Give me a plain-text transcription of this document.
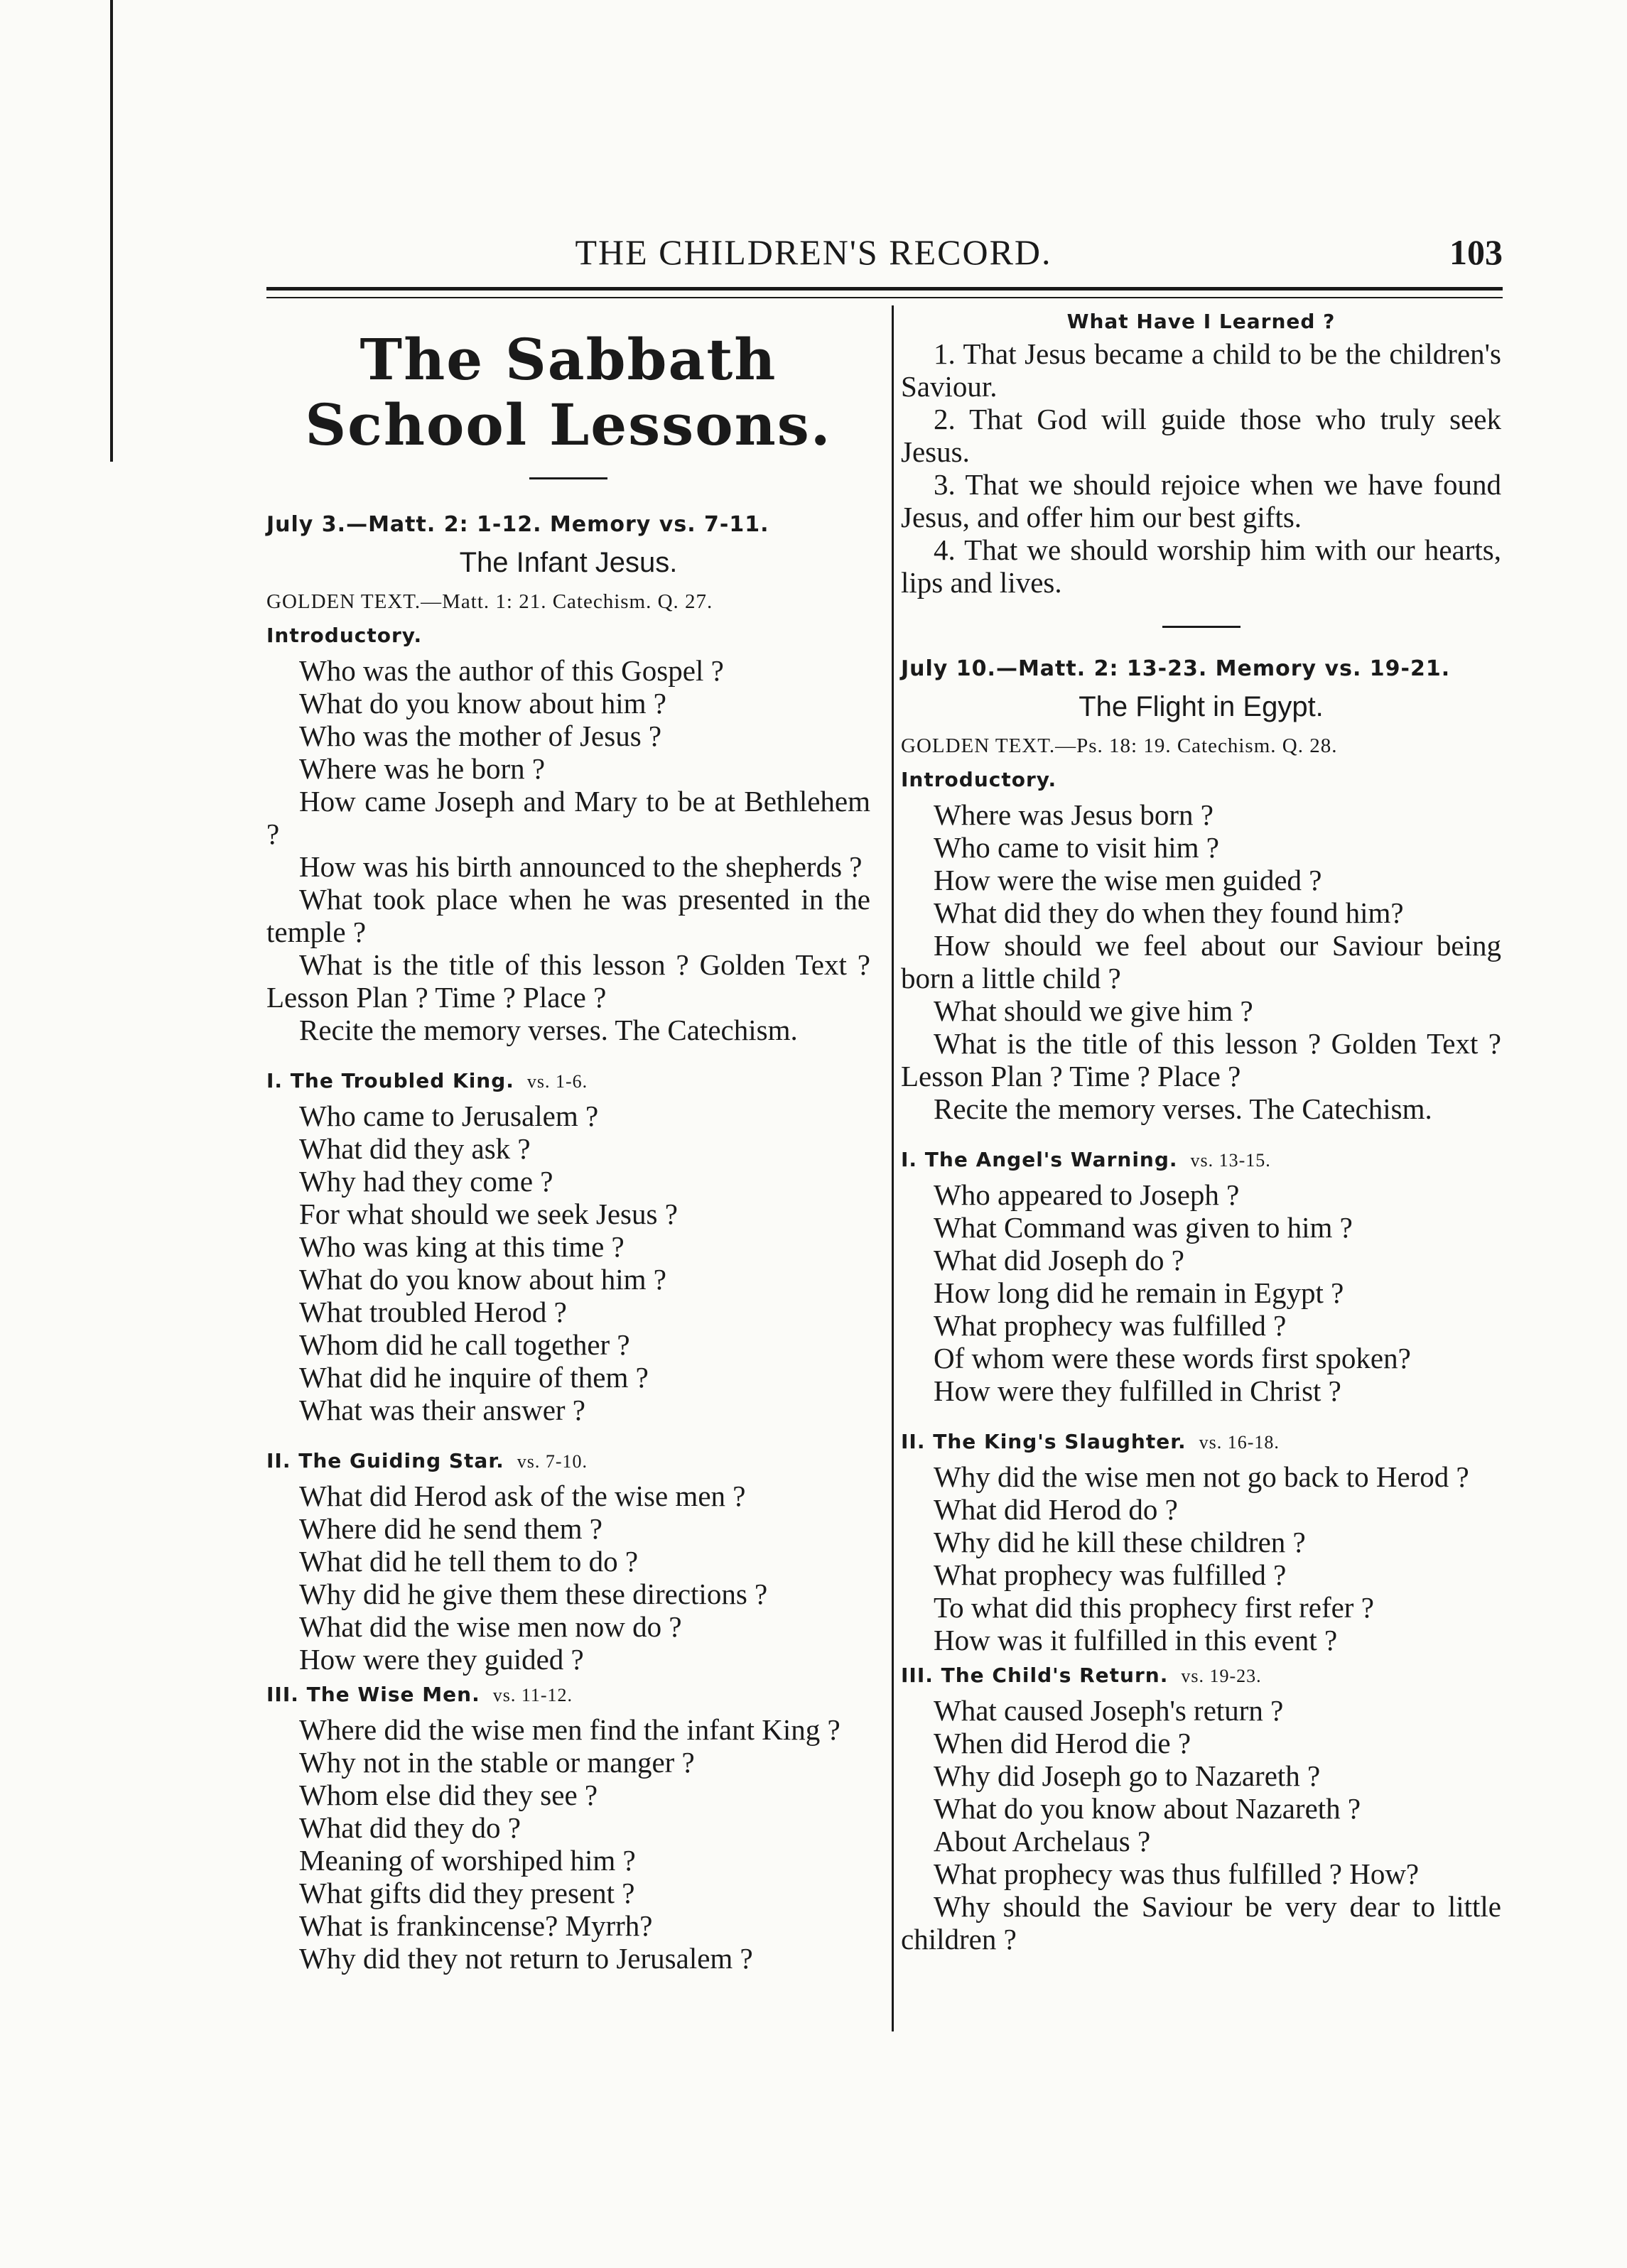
THE CHILDREN'S RECORD.	103
The Sabbath School Lessons.
July 3.—Matt. 2: 1-12. Memory vs. 7-11.
The Infant Jesus.
GOLDEN TEXT.—Matt. 1: 21. Catechism. Q. 27.
Introductory.

Who was the author of this Gospel ?

What do you know about him ?

Who was the mother of Jesus ?

Where was he born ?

How came Joseph and Mary to be at Bethlehem ?

How was his birth announced to the shepherds ?

What took place when he was presented in the temple ?

What is the title of this lesson ? Golden Text ? Lesson Plan ? Time ? Place ?

Recite the memory verses. The Catechism.

I. The Troubled King. vs. 1-6.

Who came to Jerusalem ?

What did they ask ?

Why had they come ?

For what should we seek Jesus ?

Who was king at this time ?

What do you know about him ?

What troubled Herod ?

Whom did he call together ?

What did he inquire of them ?

What was their answer ?

II. The Guiding Star. vs. 7-10.

What did Herod ask of the wise men ?

Where did he send them ?

What did he tell them to do ?

Why did he give them these directions ?

What did the wise men now do ?

How were they guided ?

III. The Wise Men. vs. 11-12.

Where did the wise men find the infant King ?

Why not in the stable or manger ?

Whom else did they see ?

What did they do ?

Meaning of worshiped him ?

What gifts did they present ?

What is frankincense? Myrrh?

Why did they not return to Jerusalem ?

What Have I Learned ?

1. That Jesus became a child to be the children's Saviour.

2. That God will guide those who truly seek Jesus.

3. That we should rejoice when we have found Jesus, and offer him our best gifts.

4. That we should worship him with our hearts, lips and lives.

July 10.—Matt. 2: 13-23. Memory vs. 19-21.
The Flight in Egypt.
GOLDEN TEXT.—Ps. 18: 19. Catechism. Q. 28.
Introductory.

Where was Jesus born ?

Who came to visit him ?

How were the wise men guided ?

What did they do when they found him?

How should we feel about our Saviour being born a little child ?

What should we give him ?

What is the title of this lesson ? Golden Text ? Lesson Plan ? Time ? Place ?

Recite the memory verses. The Catechism.

I. The Angel's Warning. vs. 13-15.

Who appeared to Joseph ?

What Command was given to him ?

What did Joseph do ?

How long did he remain in Egypt ?

What prophecy was fulfilled ?

Of whom were these words first spoken?

How were they fulfilled in Christ ?

II. The King's Slaughter. vs. 16-18.

Why did the wise men not go back to Herod ?

What did Herod do ?

Why did he kill these children ?

What prophecy was fulfilled ?

To what did this prophecy first refer ?

How was it fulfilled in this event ?

III. The Child's Return. vs. 19-23.

What caused Joseph's return ?

When did Herod die ?

Why did Joseph go to Nazareth ?

What do you know about Nazareth ?

About Archelaus ?

What prophecy was thus fulfilled ? How?

Why should the Saviour be very dear to little children ?
